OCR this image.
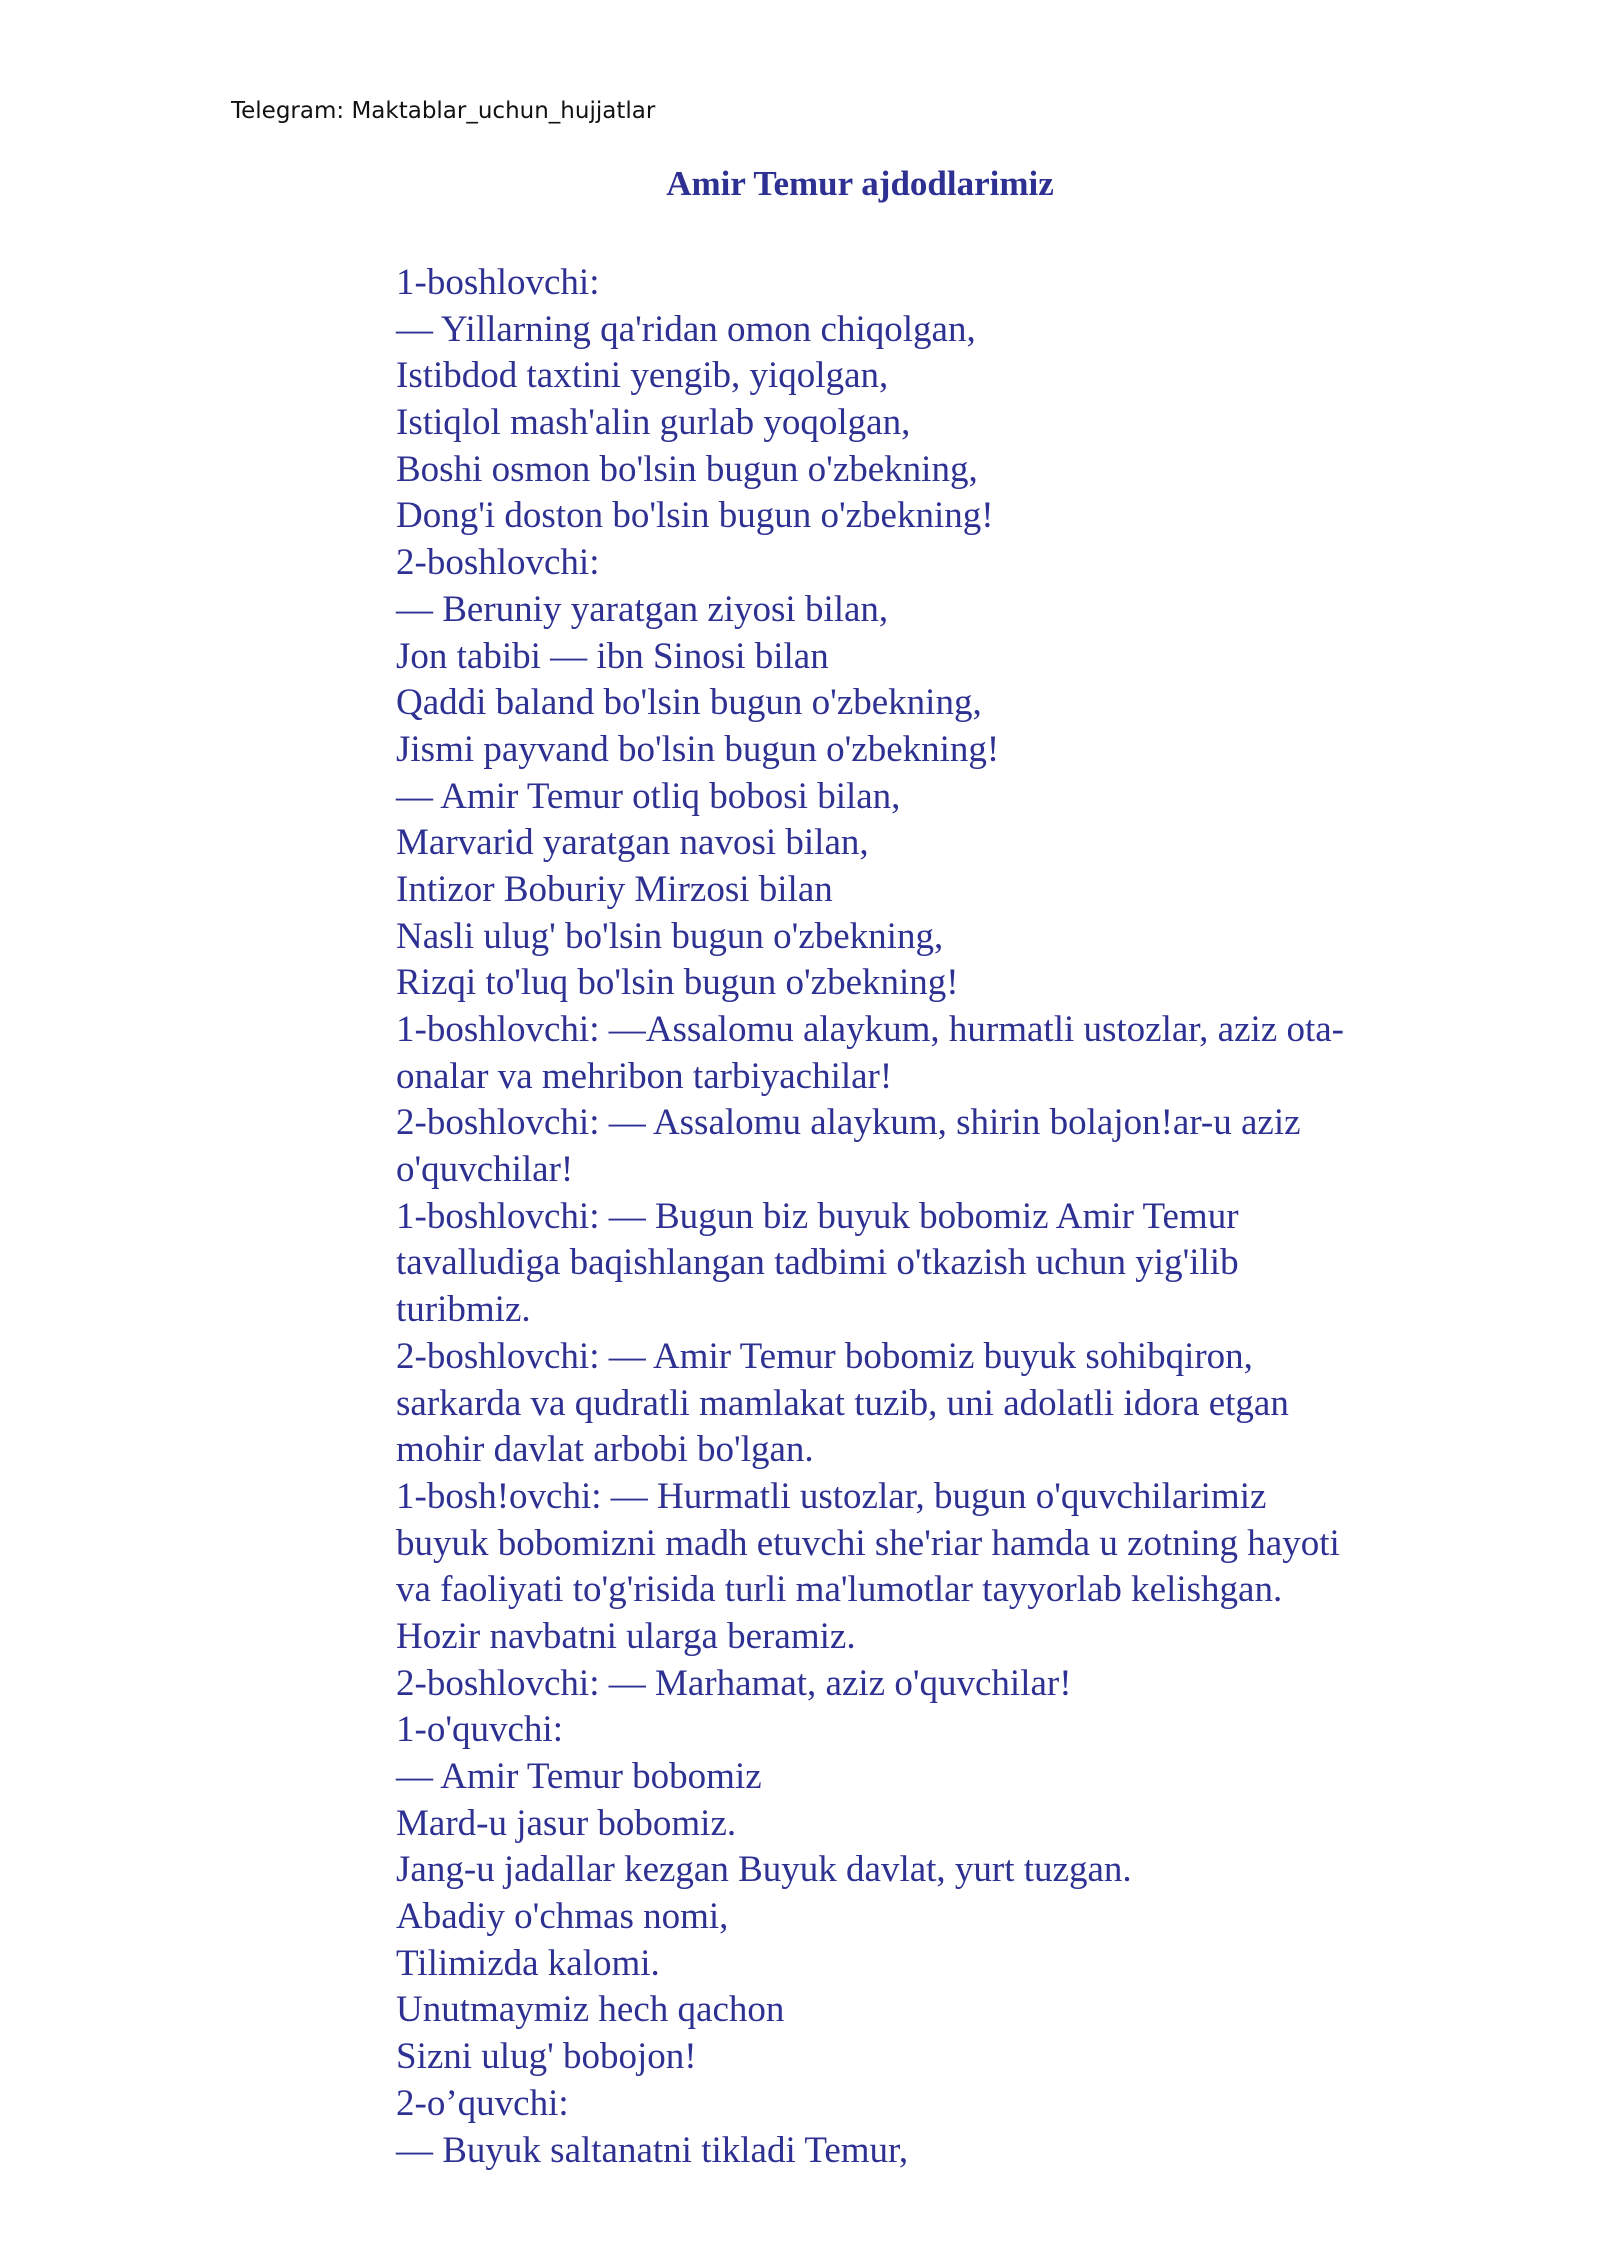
Telegram: Maktablar_uchun_hujjatlar
Amir Temur ajdodlarimiz
1-boshlovchi:
— Yillarning qa'ridan omon chiqolgan,
Istibdod taxtini yengib, yiqolgan,
Istiqlol mash'alin gurlab yoqolgan,
Boshi osmon bo'lsin bugun o'zbekning,
Dong'i doston bo'lsin bugun o'zbekning!
2-boshlovchi:
— Beruniy yaratgan ziyosi bilan,
Jon tabibi — ibn Sinosi bilan
Qaddi baland bo'lsin bugun o'zbekning,
Jismi payvand bo'lsin bugun o'zbekning!
— Amir Temur otliq bobosi bilan,
Marvarid yaratgan navosi bilan,
Intizor Boburiy Mirzosi bilan
Nasli ulug' bo'lsin bugun o'zbekning,
Rizqi to'luq bo'lsin bugun o'zbekning!
1-boshlovchi: —Assalomu alaykum, hurmatli ustozlar, aziz ota-
onalar va mehribon tarbiyachilar!
2-boshlovchi: — Assalomu alaykum, shirin bolajon!ar-u aziz
o'quvchilar!
1-boshlovchi: — Bugun biz buyuk bobomiz Amir Temur
tavalludiga baqishlangan tadbimi o'tkazish uchun yig'ilib
turibmiz.
2-boshlovchi: — Amir Temur bobomiz buyuk sohibqiron,
sarkarda va qudratli mamlakat tuzib, uni adolatli idora etgan
mohir davlat arbobi bo'lgan.
1-bosh!ovchi: — Hurmatli ustozlar, bugun o'quvchilarimiz
buyuk bobomizni madh etuvchi she'riar hamda u zotning hayoti
va faoliyati to'g'risida turli ma'lumotlar tayyorlab kelishgan.
Hozir navbatni ularga beramiz.
2-boshlovchi: — Marhamat, aziz o'quvchilar!
1-o'quvchi:
— Amir Temur bobomiz
Mard-u jasur bobomiz.
Jang-u jadallar kezgan Buyuk davlat, yurt tuzgan.
Abadiy o'chmas nomi,
Tilimizda kalomi.
Unutmaymiz hech qachon
Sizni ulug' bobojon!
2-o’quvchi:
— Buyuk saltanatni tikladi Temur,
